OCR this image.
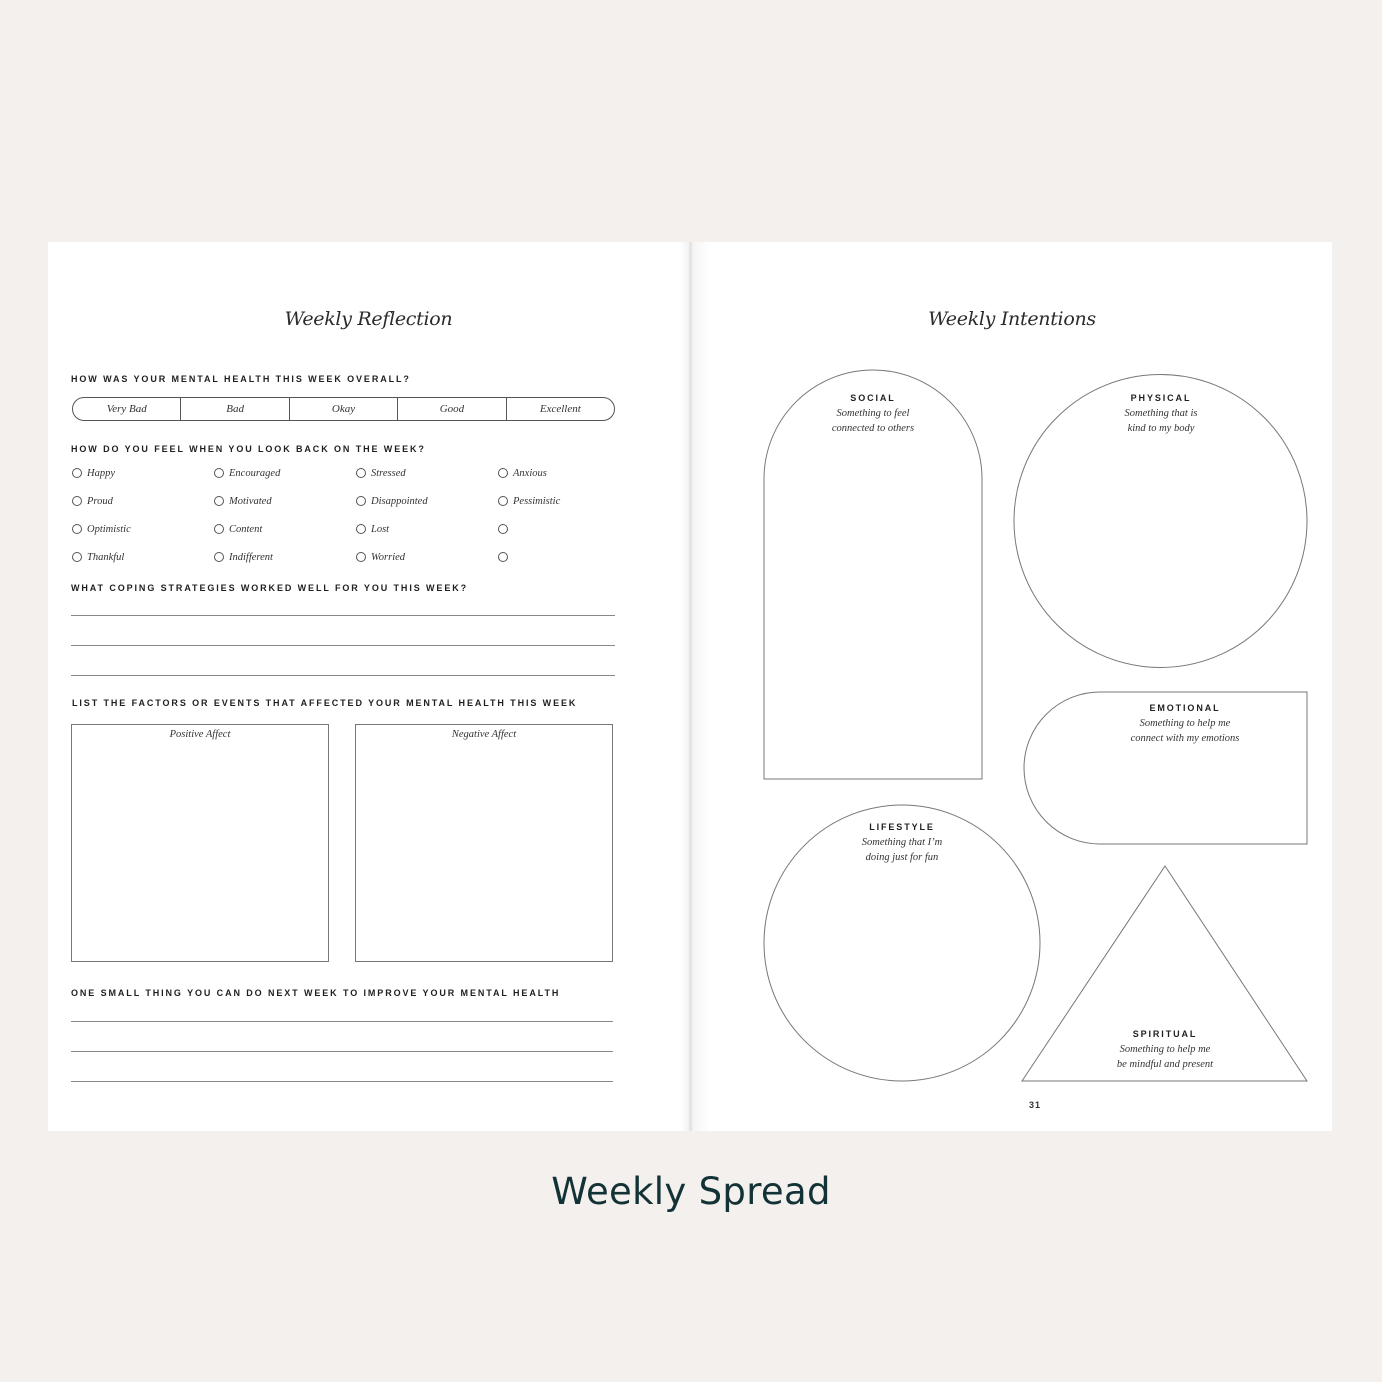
Weekly Reflection
HOW WAS YOUR MENTAL HEALTH THIS WEEK OVERALL?
Very Bad	Bad	Okay	Good	Excellent
HOW DO YOU FEEL WHEN YOU LOOK BACK ON THE WEEK?
Happy	Encouraged	Stressed	Anxious
Proud	Motivated	Disappointed	Pessimistic
Optimistic	Content	Lost
Thankful	Indifferent	Worried
WHAT COPING STRATEGIES WORKED WELL FOR YOU THIS WEEK?
LIST THE FACTORS OR EVENTS THAT AFFECTED YOUR MENTAL HEALTH THIS WEEK
Positive Affect	Negative Affect
ONE SMALL THING YOU CAN DO NEXT WEEK TO IMPROVE YOUR MENTAL HEALTH
Weekly Intentions
SOCIAL
Something to feel
connected to others
PHYSICAL
Something that is
kind to my body
EMOTIONAL
Something to help me
connect with my emotions
LIFESTYLE
Something that I’m
doing just for fun
SPIRITUAL
Something to help me
be mindful and present
31
Weekly Spread
